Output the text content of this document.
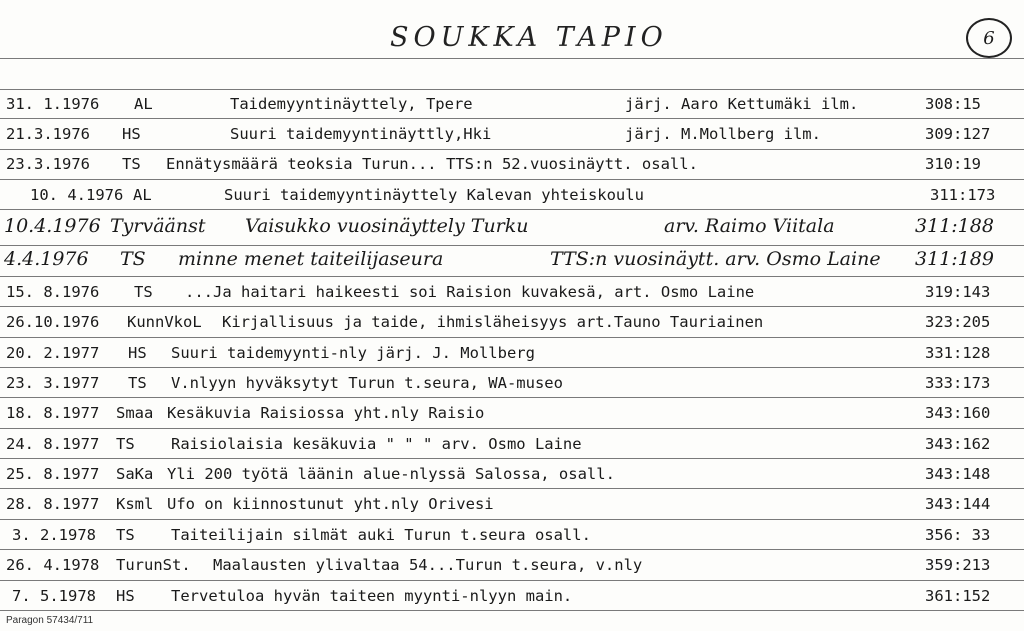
SOUKKA TAPIO	6
31. 1.1976 AL	Taidemyyntinäyttely, Tpere	järj. Aaro Kettumäki ilm.	308:15
21.3.1976 HS	Suuri taidemyyntinäyttly,Hki	järj. M.Mollberg ilm.	309:127
23.3.1976 TS Ennätysmäärä teoksia Turun... TTS:n 52.vuosinäytt. osall.	310:19
10. 4.1976 AL	Suuri taidemyyntinäyttely Kalevan yhteiskoulu	311:173
10.4.1976 Tyrväänst Vaisukko vuosinäyttely Turku	arv. Raimo Viitala	311:188
4.4.1976 TS minne menet taiteilijaseura	TTS:n vuosinäytt. arv. Osmo Laine 311:189
15. 8.1976 TS ...Ja haitari haikeesti soi Raision kuvakesä, art. Osmo Laine	319:143
26.10.1976 KunnVkoL Kirjallisuus ja taide, ihmisläheisyys art.Tauno Tauriainen	323:205
20. 2.1977 HS Suuri taidemyynti-nly järj. J. Mollberg	331:128
23. 3.1977 TS V.nlyyn hyväksytyt Turun t.seura, WA-museo	333:173
18. 8.1977 Smaa Kesäkuvia Raisiossa yht.nly Raisio	343:160
24. 8.1977 TS Raisiolaisia kesäkuvia " " " arv. Osmo Laine	343:162
25. 8.1977 SaKa Yli 200 työtä läänin alue-nlyssä Salossa, osall.	343:148
28. 8.1977 Ksml Ufo on kiinnostunut yht.nly Orivesi	343:144
3. 2.1978 TS Taiteilijain silmät auki Turun t.seura osall.	356: 33
26. 4.1978 TurunSt. Maalausten ylivaltaa 54...Turun t.seura, v.nly	359:213
7. 5.1978 HS Tervetuloa hyvän taiteen myynti-nlyyn main.	361:152
Paragon 57434/711
